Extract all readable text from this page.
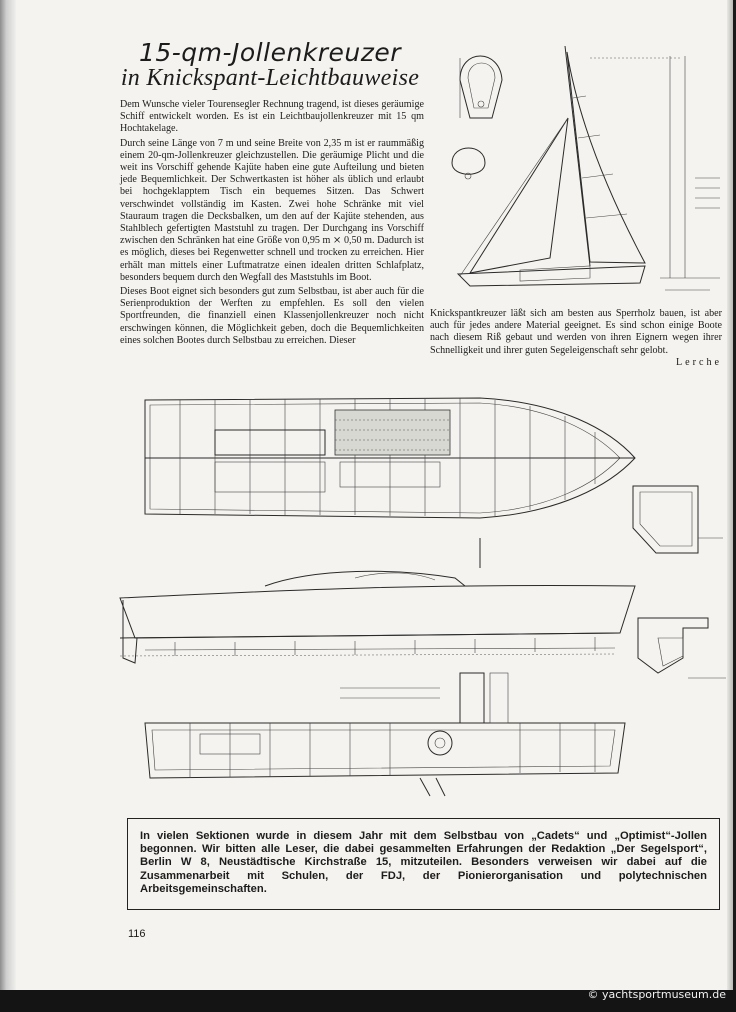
15-qm-Jollenkreuzer
in Knickspant-Leichtbauweise

Dem Wunsche vieler Tourensegler Rechnung tragend, ist dieses geräumige Schiff entwickelt worden. Es ist ein Leichtbaujollenkreuzer mit 15 qm Hochtakelage.

Durch seine Länge von 7 m und seine Breite von 2,35 m ist er raummäßig einem 20-qm-Jollenkreuzer gleichzustellen. Die geräumige Plicht und die weit ins Vorschiff gehende Kajüte haben eine gute Aufteilung und bieten jede Bequemlichkeit. Der Schwertkasten ist höher als üblich und erlaubt bei hochgeklapptem Tisch ein bequemes Sitzen. Das Schwert verschwindet vollständig im Kasten. Zwei hohe Schränke mit viel Stauraum tragen die Decksbalken, um den auf der Kajüte stehenden, aus Stahlblech gefertigten Maststuhl zu tragen. Der Durchgang ins Vorschiff zwischen den Schränken hat eine Größe von 0,95 m ⨯ 0,50 m. Dadurch ist es möglich, dieses bei Regenwetter schnell und trocken zu erreichen. Hier erhält man mittels einer Luftmatratze einen idealen dritten Schlafplatz, besonders bequem durch den Wegfall des Maststuhls im Boot.

Dieses Boot eignet sich besonders gut zum Selbstbau, ist aber auch für die Serienproduktion der Werften zu empfehlen. Es soll den vielen Sportfreunden, die finanziell einen Klassenjollenkreuzer noch nicht erschwingen können, die Möglichkeit geben, doch die Bequemlichkeiten eines solchen Bootes durch Selbstbau zu erreichen. Dieser

Knickspantkreuzer läßt sich am besten aus Sperrholz bauen, ist aber auch für jedes andere Material geeignet. Es sind schon einige Boote nach diesem Riß gebaut und werden von ihren Eignern wegen ihrer Schnelligkeit und ihrer guten Segeleigenschaft sehr gelobt.

Lerche
In vielen Sektionen wurde in diesem Jahr mit dem Selbstbau von „Cadets“ und „Optimist“-Jollen begonnen. Wir bitten alle Leser, die dabei gesammelten Erfahrungen der Redaktion „Der Segelsport“, Berlin W 8, Neustädtische Kirchstraße 15, mitzuteilen. Besonders verweisen wir dabei auf die Zusammenarbeit mit Schulen, der FDJ, der Pionierorganisation und polytechnischen Arbeitsgemeinschaften.
116
© yachtsportmuseum.de
